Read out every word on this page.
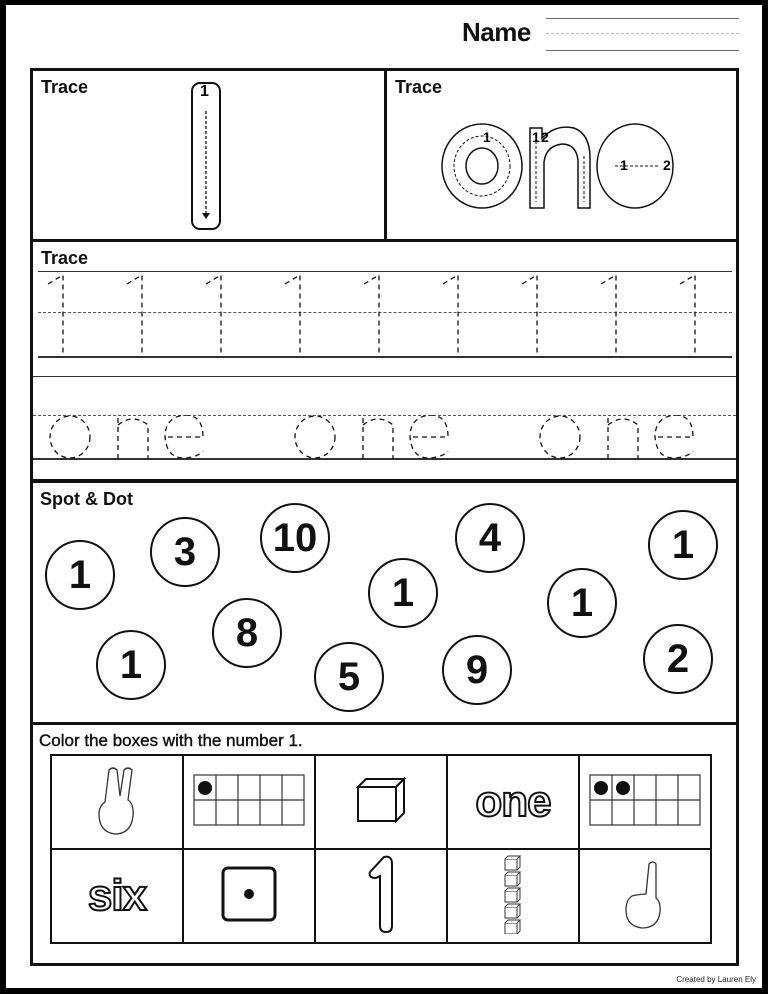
Name
Trace	1	Trace
1	1 2
1	2
Trace
Spot & Dot
1
3	10
8
1	5
1
4
9
1
1
2
Color the boxes with the number 1.
			one	
six				
Created by Lauren Ely
